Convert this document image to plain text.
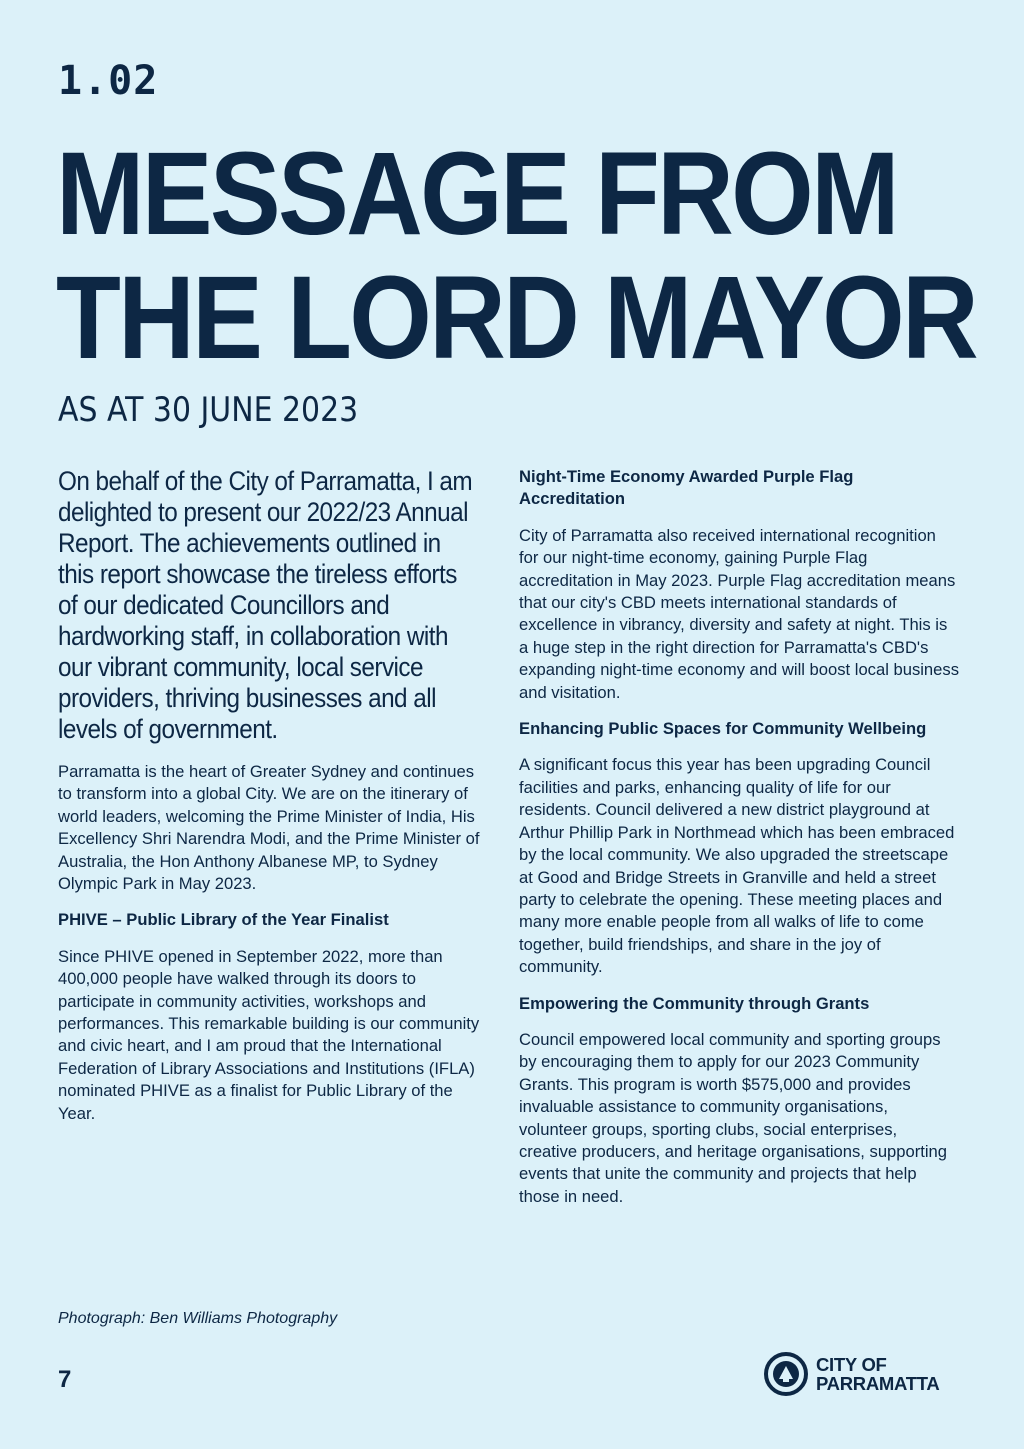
1.02
MESSAGE FROM
THE LORD MAYOR
AS AT 30 JUNE 2023

On behalf of the City of Parramatta, I am delighted to present our 2022/23 Annual Report. The achievements outlined in this report showcase the tireless efforts of our dedicated Councillors and hardworking staff, in collaboration with our vibrant community, local service providers, thriving businesses and all levels of government.

Parramatta is the heart of Greater Sydney and continues to transform into a global City. We are on the itinerary of world leaders, welcoming the Prime Minister of India, His Excellency Shri Narendra Modi, and the Prime Minister of Australia, the Hon Anthony Albanese MP, to Sydney Olympic Park in May 2023.

PHIVE – Public Library of the Year Finalist

Since PHIVE opened in September 2022, more than 400,000 people have walked through its doors to participate in community activities, workshops and performances. This remarkable building is our community and civic heart, and I am proud that the International Federation of Library Associations and Institutions (IFLA) nominated PHIVE as a finalist for Public Library of the Year.

Night-Time Economy Awarded Purple Flag Accreditation

City of Parramatta also received international recognition for our night-time economy, gaining Purple Flag accreditation in May 2023. Purple Flag accreditation means that our city's CBD meets international standards of excellence in vibrancy, diversity and safety at night. This is a huge step in the right direction for Parramatta's CBD's expanding night-time economy and will boost local business and visitation.

Enhancing Public Spaces for Community Wellbeing

A significant focus this year has been upgrading Council facilities and parks, enhancing quality of life for our residents. Council delivered a new district playground at Arthur Phillip Park in Northmead which has been embraced by the local community. We also upgraded the streetscape at Good and Bridge Streets in Granville and held a street party to celebrate the opening. These meeting places and many more enable people from all walks of life to come together, build friendships, and share in the joy of community.

Empowering the Community through Grants

Council empowered local community and sporting groups by encouraging them to apply for our 2023 Community Grants. This program is worth $575,000 and provides invaluable assistance to community organisations, volunteer groups, sporting clubs, social enterprises, creative producers, and heritage organisations, supporting events that unite the community and projects that help those in need.

Photograph: Ben Williams Photography
7
CITY OF
PARRAMATTA
